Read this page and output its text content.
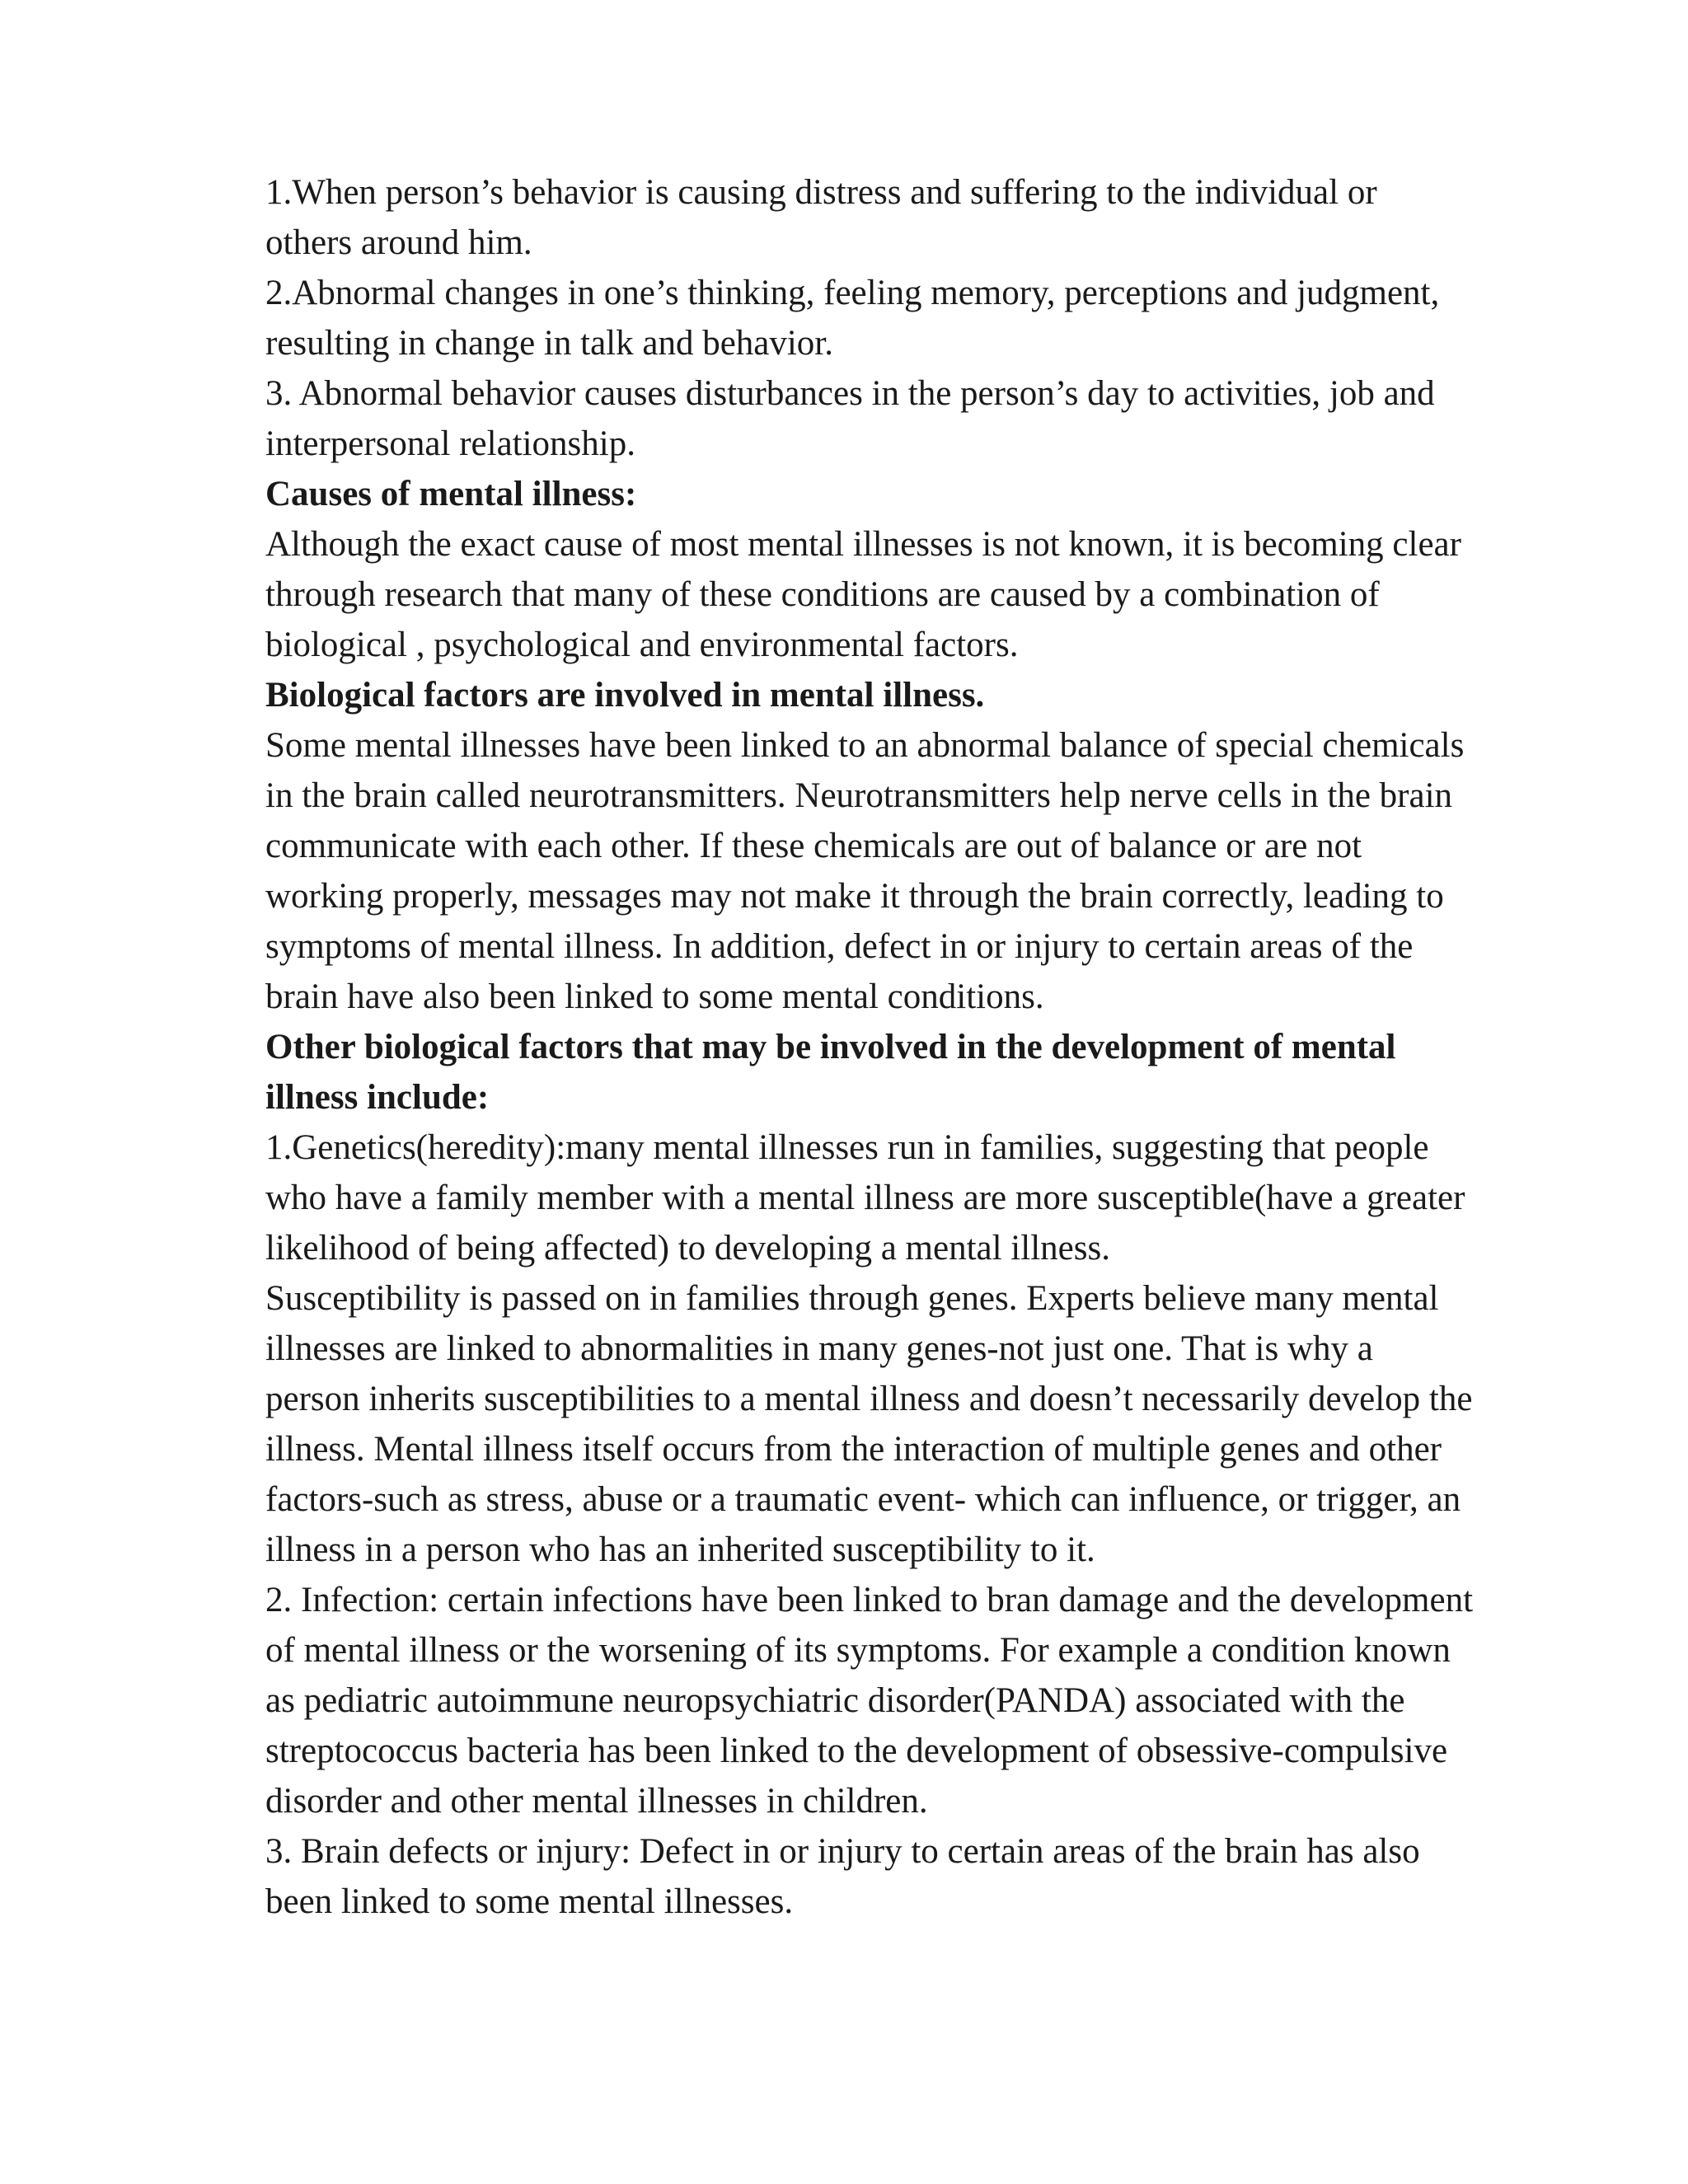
1.When person’s behavior is causing distress and suffering to the individual or
others around him.
2.Abnormal changes in one’s thinking, feeling memory, perceptions and judgment,
resulting in change in talk and behavior.
3. Abnormal behavior causes disturbances in the person’s day to activities, job and
interpersonal relationship.
Causes of mental illness:
Although the exact cause of most mental illnesses is not known, it is becoming clear
through research that many of these conditions are caused by a combination of
biological , psychological and environmental factors.
Biological factors are involved in mental illness.
Some mental illnesses have been linked to an abnormal balance of special chemicals
in the brain called neurotransmitters. Neurotransmitters help nerve cells in the brain
communicate with each other. If these chemicals are out of balance or are not
working properly, messages may not make it through the brain correctly, leading to
symptoms of mental illness. In addition, defect in or injury to certain areas of the
brain have also been linked to some mental conditions.
Other biological factors that may be involved in the development of mental
illness include:
1.Genetics(heredity):many mental illnesses run in families, suggesting that people
who have a family member with a mental illness are more susceptible(have a greater
likelihood of being affected) to developing a mental illness.
Susceptibility is passed on in families through genes. Experts believe many mental
illnesses are linked to abnormalities in many genes-not just one. That is why a
person inherits susceptibilities to a mental illness and doesn’t necessarily develop the
illness. Mental illness itself occurs from the interaction of multiple genes and other
factors-such as stress, abuse or a traumatic event- which can influence, or trigger, an
illness in a person who has an inherited susceptibility to it.
2. Infection: certain infections have been linked to bran damage and the development
of mental illness or the worsening of its symptoms. For example a condition known
as pediatric autoimmune neuropsychiatric disorder(PANDA) associated with the
streptococcus bacteria has been linked to the development of obsessive-compulsive
disorder and other mental illnesses in children.
3. Brain defects or injury: Defect in or injury to certain areas of the brain has also
been linked to some mental illnesses.
